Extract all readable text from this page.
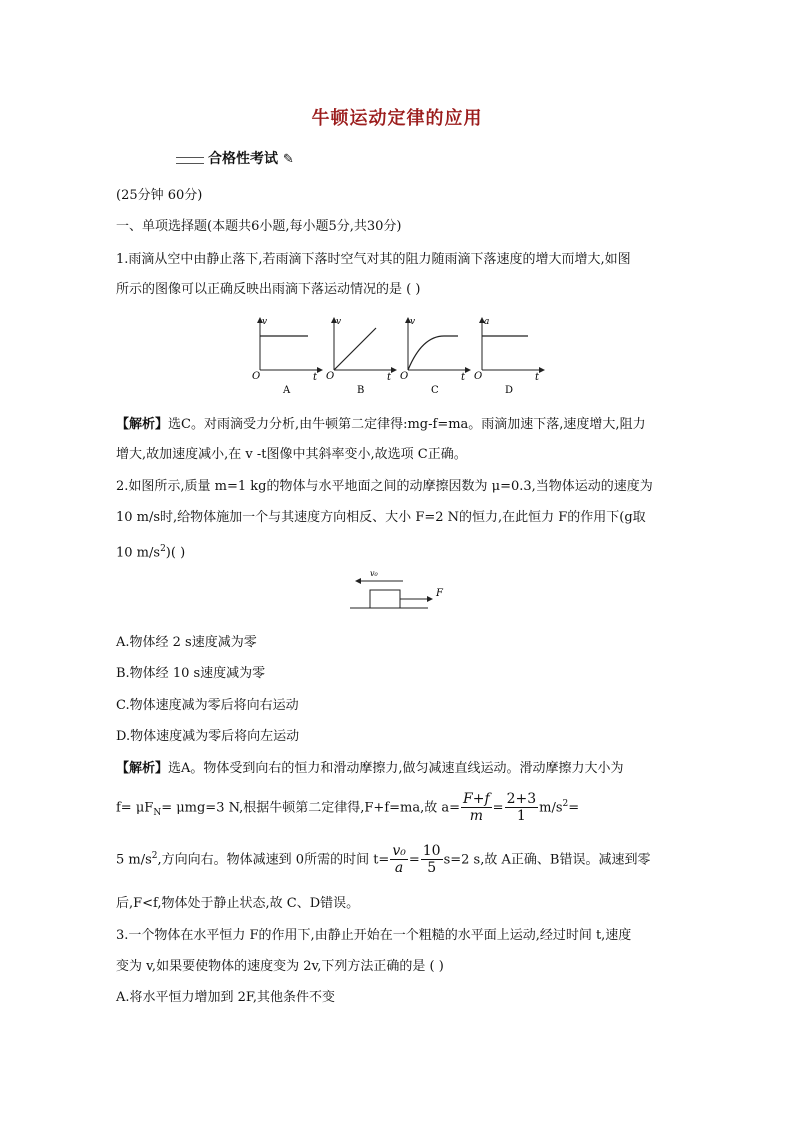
牛顿运动定律的应用
合格性考试 ✎
(25分钟 60分)
一、单项选择题(本题共6小题,每小题5分,共30分)
1.雨滴从空中由静止落下,若雨滴下落时空气对其的阻力随雨滴下落速度的增大而增大,如图
所示的图像可以正确反映出雨滴下落运动情况的是 ( )
v
O	t
A
v
O	t
B
v
O	t
C
a
O	t
D
【解析】选C。对雨滴受力分析,由牛顿第二定律得:mg-f=ma。雨滴加速下落,速度增大,阻力
增大,故加速度减小,在 v -t图像中其斜率变小,故选项 C正确。
2.如图所示,质量 m=1 kg的物体与水平地面之间的动摩擦因数为 μ=0.3,当物体运动的速度为
10 m/s时,给物体施加一个与其速度方向相反、大小 F=2 N的恒力,在此恒力 F的作用下(g取
10 $m/s^2$)( )
v₀
F
A.物体经 2 s速度减为零
B.物体经 10 s速度减为零
C.物体速度减为零后将向右运动
D.物体速度减为零后将向左运动
【解析】选A。物体受到向右的恒力和滑动摩擦力,做匀减速直线运动。滑动摩擦力大小为
$f= \mu F_N= \mu mg=3$ N,根据牛顿第二定律得,F+f=ma,故 $a= \frac{F+f}{m} = \frac{2+3}{1} m/s^2=$
5 $m/s^2$,方向向右。物体减速到 0所需的时间 $t= \frac{\text{v₀}}{a} = \frac{10}{5} s=2$ s,故 A正确、B错误。减速到零
后,F<f,物体处于静止状态,故 C、D错误。
3.一个物体在水平恒力 F的作用下,由静止开始在一个粗糙的水平面上运动,经过时间 t,速度
变为 v,如果要使物体的速度变为 2v,下列方法正确的是 ( )
A.将水平恒力增加到 2F,其他条件不变
